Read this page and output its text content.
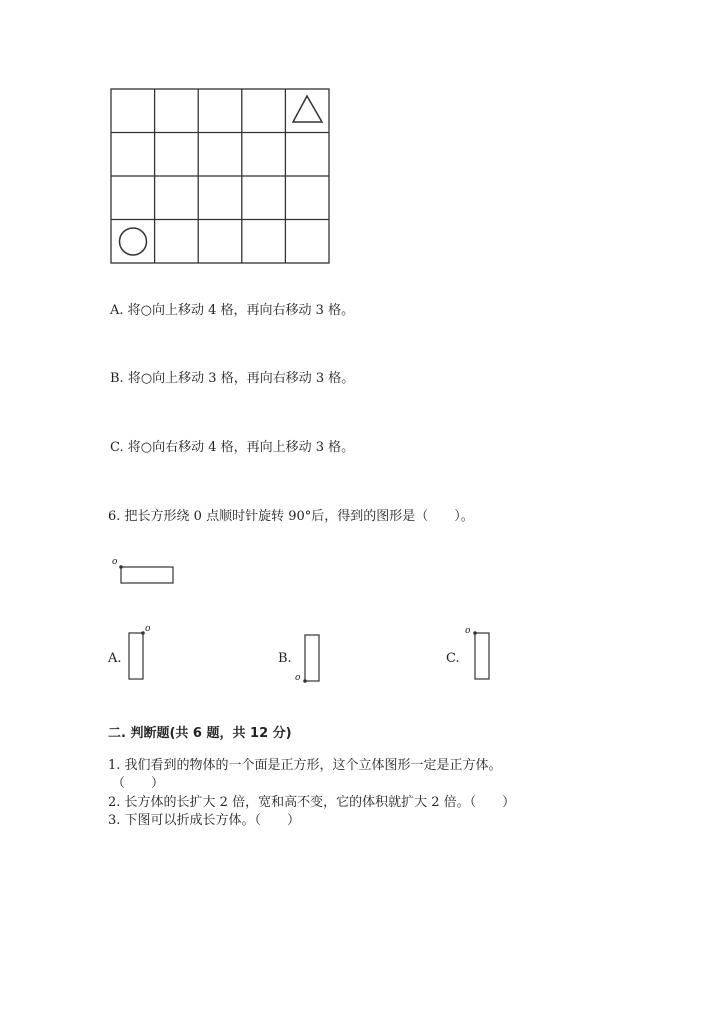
A. 将○向上移动 4 格，再向右移动 3 格。
B. 将○向上移动 3 格，再向右移动 3 格。
C. 将○向右移动 4 格，再向上移动 3 格。
6. 把长方形绕 0 点顺时针旋转 90°后，得到的图形是（　　）。
o
A.
o
B.
o
C.
o
二. 判断题(共 6 题，共 12 分)
1. 我们看到的物体的一个面是正方形，这个立体图形一定是正方体。
（　　）
2. 长方体的长扩大 2 倍，宽和高不变，它的体积就扩大 2 倍。（　　）
3. 下图可以折成长方体。（　　）
